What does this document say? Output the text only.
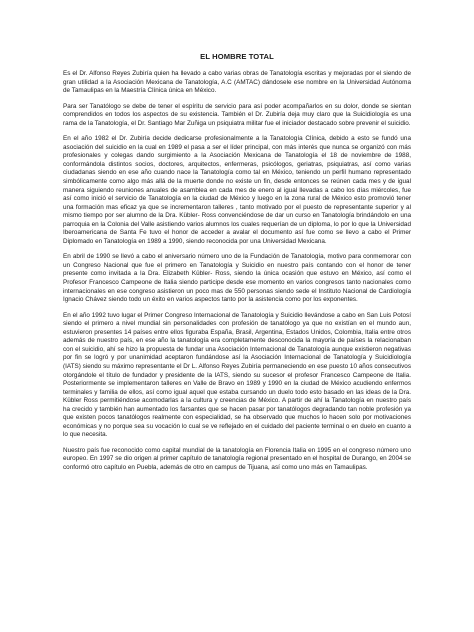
EL HOMBRE TOTAL

Es el Dr. Alfonso Reyes Zubiría quien ha llevado a cabo varias obras de Tanatología escritas y mejoradas por el siendo de gran utilidad a la Asociación Mexicana de Tanatología, A.C (AMTAC) dándosele ese nombre en la Universidad Autónoma de Tamaulipas en la Maestría Clínica única en México.

Para ser Tanatólogo se debe de tener el espíritu de servicio para así poder acompañarlos en su dolor, donde se sientan comprendidos en todos los aspectos de su existencia. También el Dr. Zubiría deja muy claro que la Suicidiología es una rama de la Tanatología, el Dr. Santiago Mar Zuñiga un psiquiatra militar fue el iniciador destacado sobre prevenir el suicidio.

En el año 1982 el Dr. Zubiría decide dedicarse profesionalmente a la Tanatología Clínica, debido a esto se fundó una asociación del suicidio en la cual en 1989 el pasa a ser el líder principal, con más interés que nunca se organizó con más profesionales y colegas dando surgimiento a la Asociación Mexicana de Tanatología el 18 de noviembre de 1988, conformándola distintos socios, doctores, arquitectos, enfermeras, psicólogos, geriatras, psiquiatras, así como varias ciudadanas siendo en ese año cuando nace la Tanatología como tal en México, teniendo un perfil humano representado simbólicamente como algo más allá de la muerte donde no existe un fin, desde entonces se reúnen cada mes y de igual manera siguiendo reuniones anuales de asamblea en cada mes de enero al igual llevadas a cabo los días miércoles, fue así como inició el servicio de Tanatología en la ciudad de México y luego en la zona rural de México esto promovió tener una formación mas eficaz ya que se incrementaron talleres , tanto motivado por el puesto de representante superior y al mismo tiempo por ser alumno de la Dra. Kübler- Ross convenciéndose de dar un curso en Tanatología brindándolo en una parroquia en la Colonia del Valle asistiendo varios alumnos los cuales requerían de un diploma, lo por lo que la Universidad Iberoamericana de Santa Fe tuvo el honor de acceder a avalar el documento así fue como se llevo a cabo el Primer Diplomado en Tanatología en 1989 a 1990, siendo reconocida por una Universidad Mexicana.

En abril de 1990 se llevó a cabo el aniversario número uno de la Fundación de Tanatología, motivo para conmemorar con un Congreso Nacional que fue el primero en Tanatología y Suicidio en nuestro país contando con el honor de tener presente como invitada a la Dra. Elizabeth Kübler- Ross, siendo la única ocasión que estuvo en México, así como el Profesor Francesco Campeone de Italia siendo participe desde ese momento en varios congresos tanto nacionales como internacionales en ese congreso asistieron un poco mas de 550 personas siendo sede el Instituto Nacional de Cardiología Ignacio Chávez siendo todo un éxito en varios aspectos tanto por la asistencia como por los exponentes.

En el año 1992 tuvo lugar el Primer Congreso Internacional de Tanatología y Suicidio llevándose a cabo en San Luis Potosí siendo el primero a nivel mundial sin personalidades con profesión de tanatólogo ya que no existían en el mundo aun, estuvieron presentes 14 países entre ellos figuraba España, Brasil, Argentina, Estados Unidos, Colombia, Italia entre otros además de nuestro país, en ese año la tanatología era completamente desconocida la mayoría de países la relacionaban con el suicidio, ahí se hizo la propuesta de fundar una Asociación Internacional de Tanatología aunque existieron negativas por fin se logró y por unanimidad aceptaron fundándose así la Asociación Internacional de Tanatología y Suicidiología (IATS) siendo su máximo representante el Dr L. Alfonso Reyes Zubiría permaneciendo en ese puesto 10 años consecutivos otorgándole el título de fundador y presidente de la IATS, siendo su sucesor el profesor Francesco Campeone de Italia. Posteriormente se implementaron talleres en Valle de Bravo en 1989 y 1990 en la ciudad de México acudiendo enfermos terminales y familia de ellos, así como igual aquel que estaba cursando un duelo todo esto basado en las ideas de la Dra. Kübler Ross permitiéndose acomodarlas a la cultura y creencias de México. A partir de ahí la Tanatología en nuestro país ha crecido y también han aumentado los farsantes que se hacen pasar por tanatólogos degradando tan noble profesión ya que existen pocos tanatólogos realmente con especialidad, se ha observado que muchos lo hacen solo por motivaciones económicas y no porque sea su vocación lo cual se ve reflejado en el cuidado del paciente terminal o en duelo en cuanto a lo que necesita.

Nuestro país fue reconocido como capital mundial de la tanatología en Florencia Italia en 1995 en el congreso número uno europeo. En 1997 se dio origen al primer capítulo de tanatología regional presentado en el hospital de Durango, en 2004 se conformó otro capítulo en Puebla, además de otro en campus de Tijuana, así como uno más en Tamaulipas.
